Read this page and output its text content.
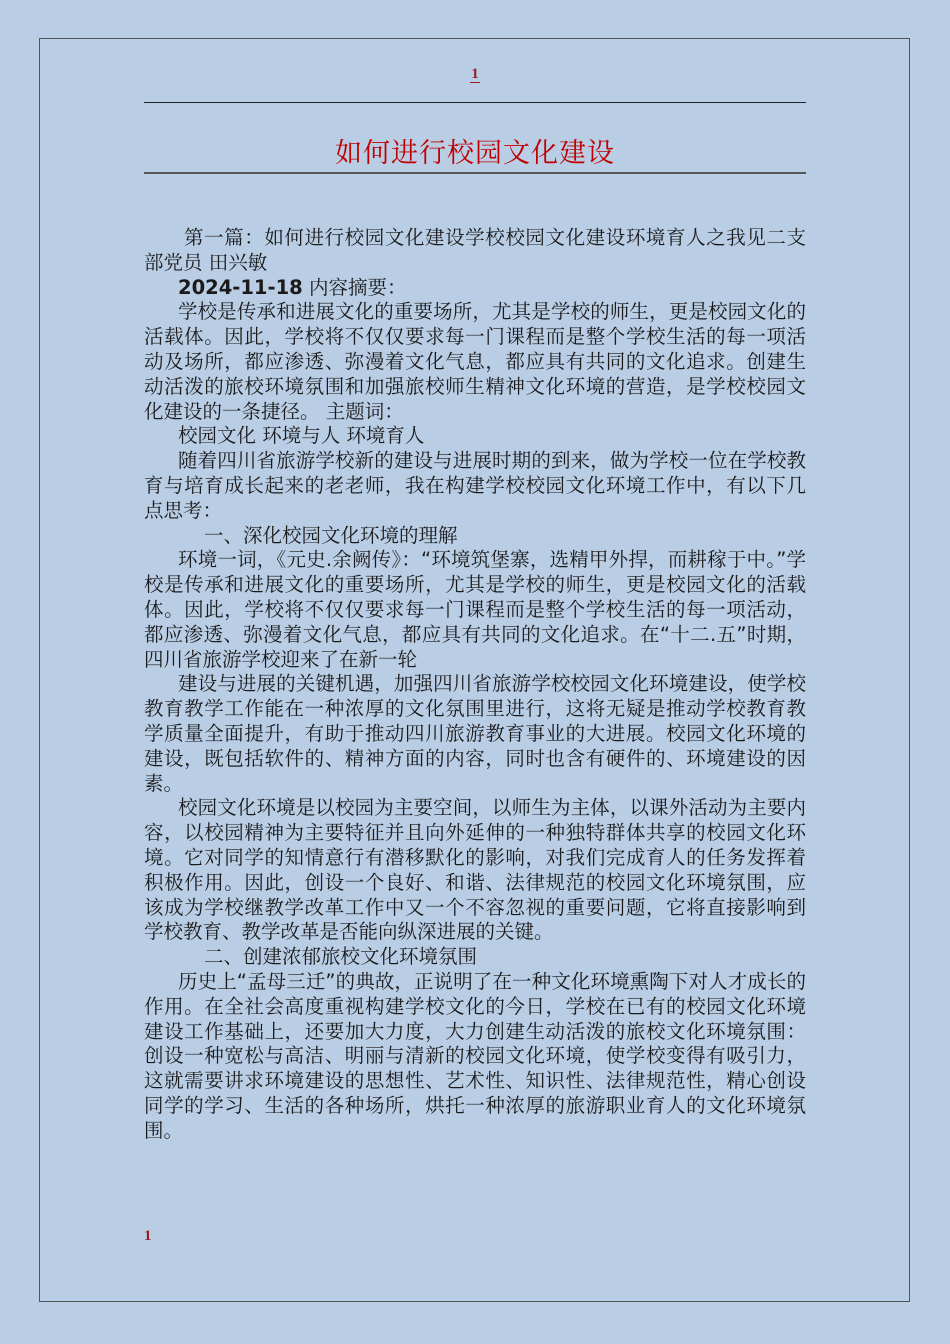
1
如何进行校园文化建设

第一篇：如何进行校园文化建设学校校园文化建设环境育人之我见二支部党员 田兴敏

2024-11-18 内容摘要：

学校是传承和进展文化的重要场所，尤其是学校的师生，更是校园文化的活载体。因此，学校将不仅仅要求每一门课程而是整个学校生活的每一项活动及场所，都应渗透、弥漫着文化气息，都应具有共同的文化追求。创建生动活泼的旅校环境氛围和加强旅校师生精神文化环境的营造，是学校校园文化建设的一条捷径。 主题词：

校园文化 环境与人 环境育人

随着四川省旅游学校新的建设与进展时期的到来，做为学校一位在学校教育与培育成长起来的老老师，我在构建学校校园文化环境工作中，有以下几点思考：

一、深化校园文化环境的理解

环境一词，《元史.余阙传》：“环境筑堡寨，选精甲外捍，而耕稼于中。”学校是传承和进展文化的重要场所，尤其是学校的师生，更是校园文化的活载体。因此，学校将不仅仅要求每一门课程而是整个学校生活的每一项活动，都应渗透、弥漫着文化气息，都应具有共同的文化追求。在“十二.五”时期，四川省旅游学校迎来了在新一轮

建设与进展的关键机遇，加强四川省旅游学校校园文化环境建设，使学校教育教学工作能在一种浓厚的文化氛围里进行，这将无疑是推动学校教育教学质量全面提升，有助于推动四川旅游教育事业的大进展。校园文化环境的建设，既包括软件的、精神方面的内容，同时也含有硬件的、环境建设的因素。

校园文化环境是以校园为主要空间，以师生为主体，以课外活动为主要内容，以校园精神为主要特征并且向外延伸的一种独特群体共享的校园文化环境。它对同学的知情意行有潜移默化的影响，对我们完成育人的任务发挥着积极作用。因此，创设一个良好、和谐、法律规范的校园文化环境氛围，应该成为学校继教学改革工作中又一个不容忽视的重要问题，它将直接影响到学校教育、教学改革是否能向纵深进展的关键。

二、创建浓郁旅校文化环境氛围

历史上“孟母三迁”的典故，正说明了在一种文化环境熏陶下对人才成长的作用。在全社会高度重视构建学校文化的今日，学校在已有的校园文化环境建设工作基础上，还要加大力度，大力创建生动活泼的旅校文化环境氛围：创设一种宽松与高洁、明丽与清新的校园文化环境，使学校变得有吸引力，这就需要讲求环境建设的思想性、艺术性、知识性、法律规范性，精心创设同学的学习、生活的各种场所，烘托一种浓厚的旅游职业育人的文化环境氛围。

1
